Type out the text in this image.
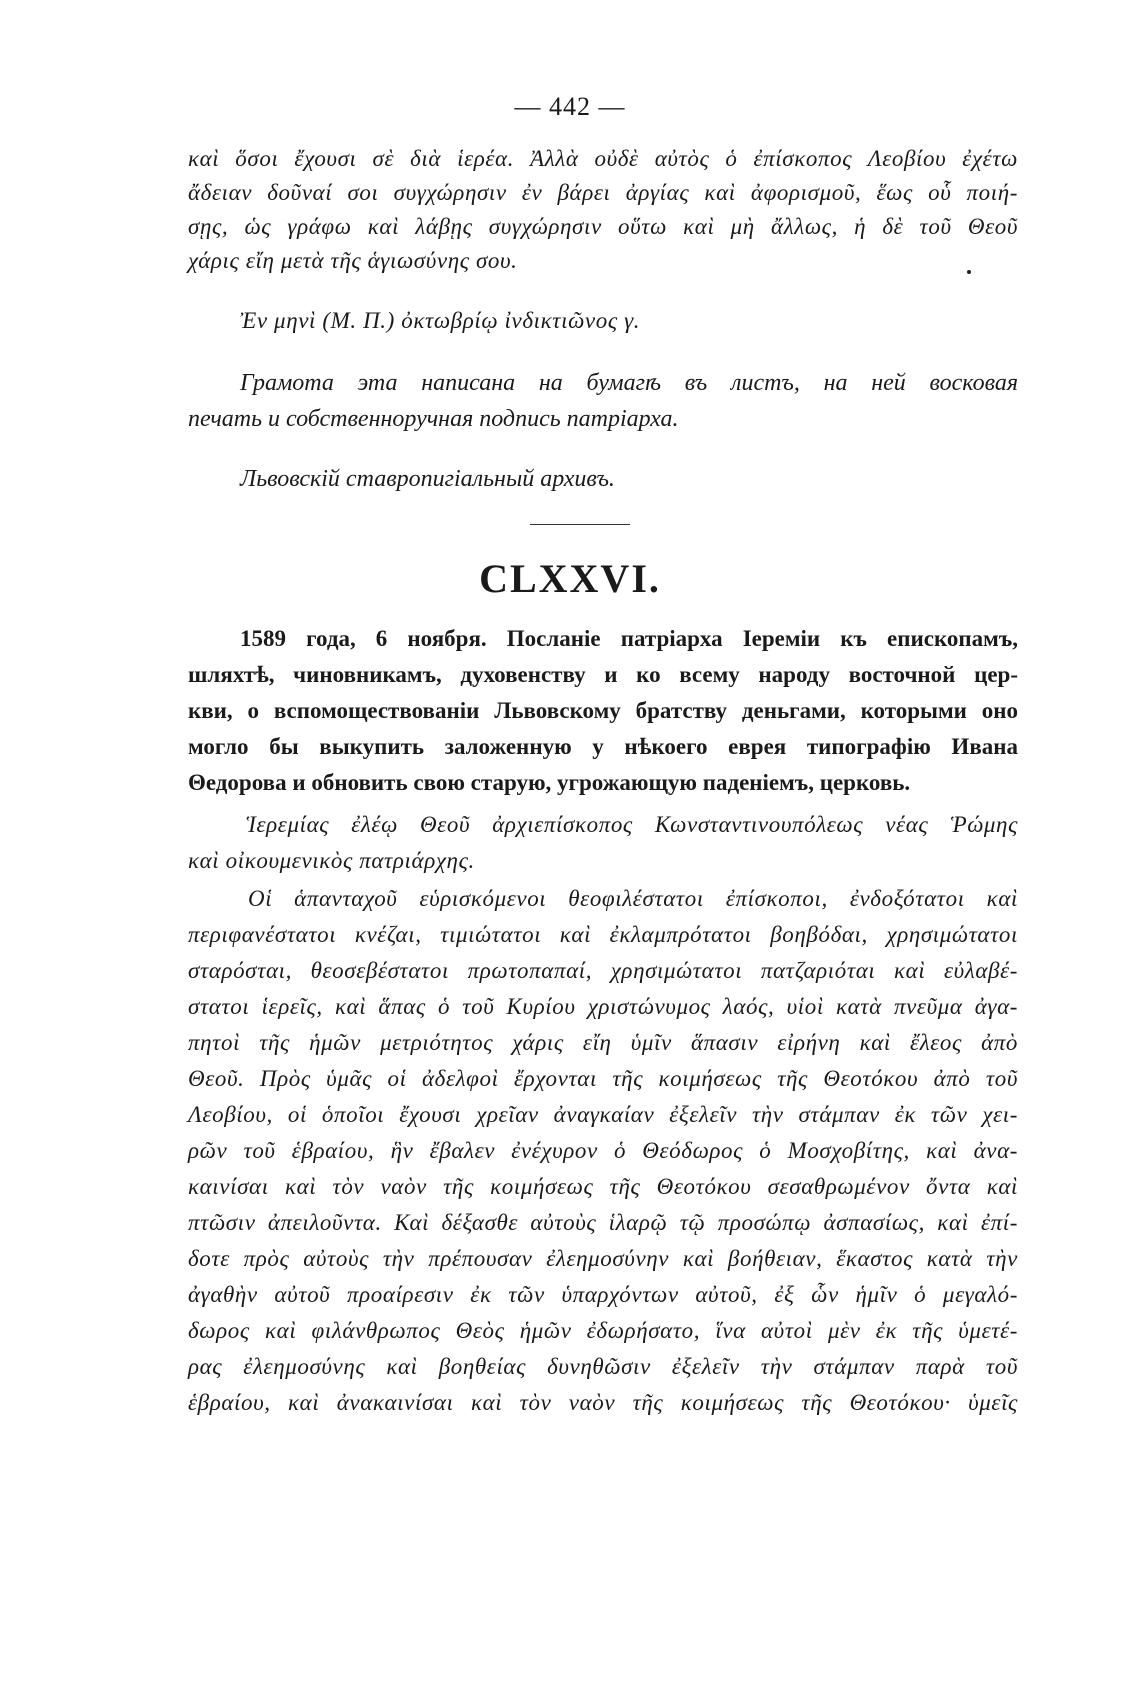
— 442 —
καὶ ὅσοι ἔχουσι σὲ διὰ ἱερέα. Ἀλλὰ οὐδὲ αὐτὸς ὁ ἐπίσκοπος Λεοβίου ἐχέτω
ἄδειαν δοῦναί σοι συγχώρησιν ἐν βάρει ἀργίας καὶ ἀφορισμοῦ, ἕως οὗ ποιή-
σῃς, ὡς γράφω καὶ λάβῃς συγχώρησιν οὕτω καὶ μὴ ἄλλως, ἡ δὲ τοῦ Θεοῦ
χάρις εἴη μετὰ τῆς ἁγιωσύνης σου.
Ἐν μηνὶ (Μ. Π.) ὀκτωβρίῳ ἰνδικτιῶνος γ.
Грамота эта написана на бумагѣ въ листъ, на ней восковая
печать и собственноручная подпись патріарха.
Львовскій ставропигіальный архивъ.
CLXXVI.
1589 года, 6 ноября. Посланіе патріарха Іереміи къ епископамъ,
шляхтѣ, чиновникамъ, духовенству и ко всему народу восточной цер-
кви, о вспомоществованіи Львовскому братству деньгами, которыми оно
могло бы выкупить заложенную у нѣкоего еврея типографію Ивана
Θедорова и обновить свою старую, угрожающую паденіемъ, церковь.
Ἱερεμίας ἐλέῳ Θεοῦ ἀρχιεπίσκοπος Κωνσταντινουπόλεως νέας Ῥώμης
καὶ οἰκουμενικὸς πατριάρχης.
Οἱ ἁπανταχοῦ εὑρισκόμενοι θεοφιλέστατοι ἐπίσκοποι, ἐνδοξότατοι καὶ
περιφανέστατοι κνέζαι, τιμιώτατοι καὶ ἐκλαμπρότατοι βοηβόδαι, χρησιμώτατοι
σταρόσται, θεοσεβέστατοι πρωτοπαπαί, χρησιμώτατοι πατζαριόται καὶ εὐλαβέ-
στατοι ἱερεῖς, καὶ ἅπας ὁ τοῦ Κυρίου χριστώνυμος λαός, υἱοὶ κατὰ πνεῦμα ἀγα-
πητοὶ τῆς ἡμῶν μετριότητος χάρις εἴη ὑμῖν ἅπασιν εἰρήνη καὶ ἔλεος ἀπὸ
Θεοῦ. Πρὸς ὑμᾶς οἱ ἀδελφοὶ ἔρχονται τῆς κοιμήσεως τῆς Θεοτόκου ἀπὸ τοῦ
Λεοβίου, οἱ ὁποῖοι ἔχουσι χρεῖαν ἀναγκαίαν ἐξελεῖν τὴν στάμπαν ἐκ τῶν χει-
ρῶν τοῦ ἑβραίου, ἣν ἔβαλεν ἐνέχυρον ὁ Θεόδωρος ὁ Μοσχοβίτης, καὶ ἀνα-
καινίσαι καὶ τὸν ναὸν τῆς κοιμήσεως τῆς Θεοτόκου σεσαθρωμένον ὄντα καὶ
πτῶσιν ἀπειλοῦντα. Καὶ δέξασθε αὐτοὺς ἱλαρῷ τῷ προσώπῳ ἀσπασίως, καὶ ἐπί-
δοτε πρὸς αὐτοὺς τὴν πρέπουσαν ἐλεημοσύνην καὶ βοήθειαν, ἕκαστος κατὰ τὴν
ἀγαθὴν αὐτοῦ προαίρεσιν ἐκ τῶν ὑπαρχόντων αὐτοῦ, ἐξ ὧν ἡμῖν ὁ μεγαλό-
δωρος καὶ φιλάνθρωπος Θεὸς ἡμῶν ἐδωρήσατο, ἵνα αὐτοὶ μὲν ἐκ τῆς ὑμετέ-
ρας ἐλεημοσύνης καὶ βοηθείας δυνηθῶσιν ἐξελεῖν τὴν στάμπαν παρὰ τοῦ
ἑβραίου, καὶ ἀνακαινίσαι καὶ τὸν ναὸν τῆς κοιμήσεως τῆς Θεοτόκου· ὑμεῖς
